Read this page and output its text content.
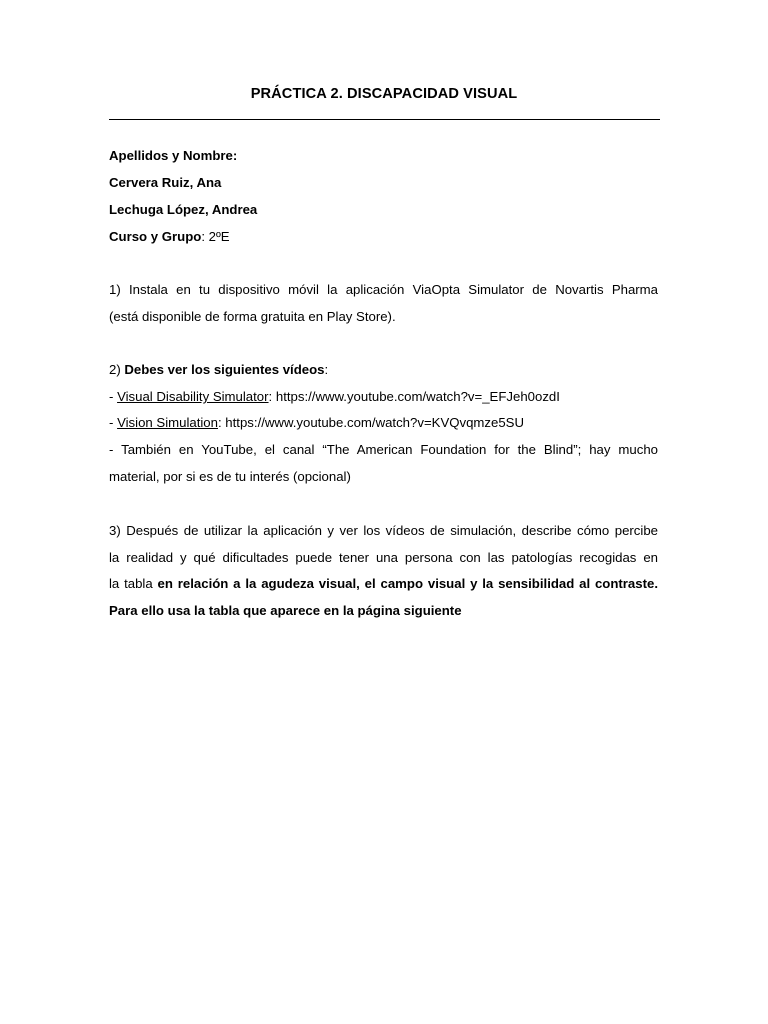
PRÁCTICA 2. DISCAPACIDAD VISUAL
Apellidos y Nombre:
Cervera Ruiz, Ana
Lechuga López, Andrea
Curso y Grupo: 2ºE
1) Instala en tu dispositivo móvil la aplicación ViaOpta Simulator de Novartis Pharma
(está disponible de forma gratuita en Play Store).
2) Debes ver los siguientes vídeos:
- Visual Disability Simulator: https://www.youtube.com/watch?v=_EFJeh0ozdI
- Vision Simulation: https://www.youtube.com/watch?v=KVQvqmze5SU
- También en YouTube, el canal “The American Foundation for the Blind”; hay mucho
material, por si es de tu interés (opcional)
3) Después de utilizar la aplicación y ver los vídeos de simulación, describe cómo percibe
la realidad y qué dificultades puede tener una persona con las patologías recogidas en
la tabla en relación a la agudeza visual, el campo visual y la sensibilidad al contraste.
Para ello usa la tabla que aparece en la página siguiente
